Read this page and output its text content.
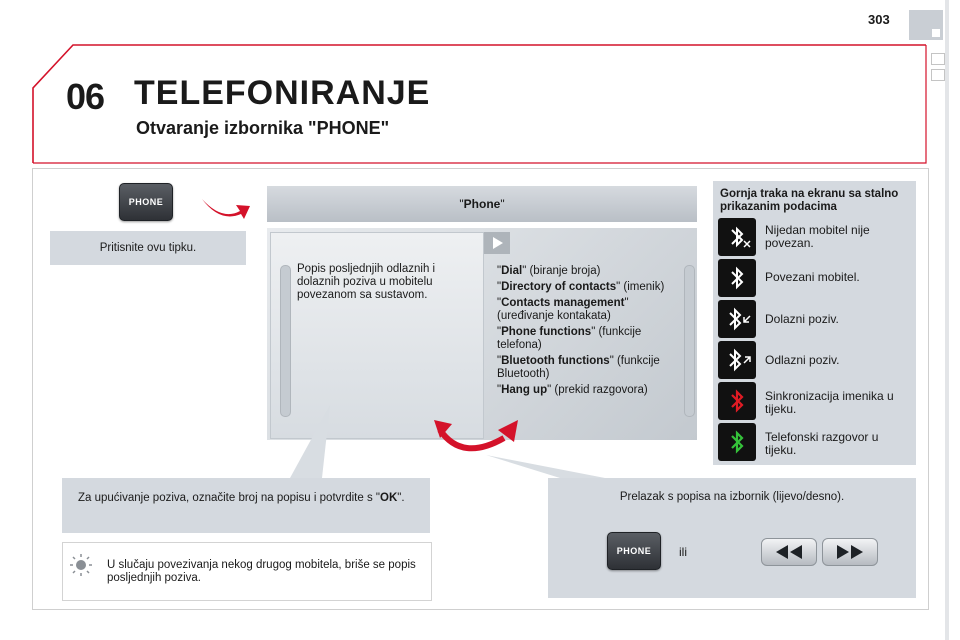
303
06 TELEFONIRANJE
Otvaranje izbornika "PHONE"
PHONE
Pritisnite ovu tipku.
"Phone"
Popis posljednjih odlaznih i dolaznih poziva u mobitelu povezanom sa sustavom.
"Dial" (biranje broja)
"Directory of contacts" (imenik)
"Contacts management" (uređivanje kontakata)
"Phone functions" (funkcije telefona)
"Bluetooth functions" (funkcije Bluetooth)
"Hang up" (prekid razgovora)
Za upućivanje poziva, označite broj na popisu i potvrdite s "OK".
U slučaju povezivanja nekog drugog mobitela, briše se popis posljednjih poziva.
Gornja traka na ekranu sa stalno prikazanim podacima
Nijedan mobitel nije povezan.
Povezani mobitel.
Dolazni poziv.
Odlazni poziv.
Sinkronizacija imenika u tijeku.
Telefonski razgovor u tijeku.
Prelazak s popisa na izbornik (lijevo/desno).
PHONE	ili
